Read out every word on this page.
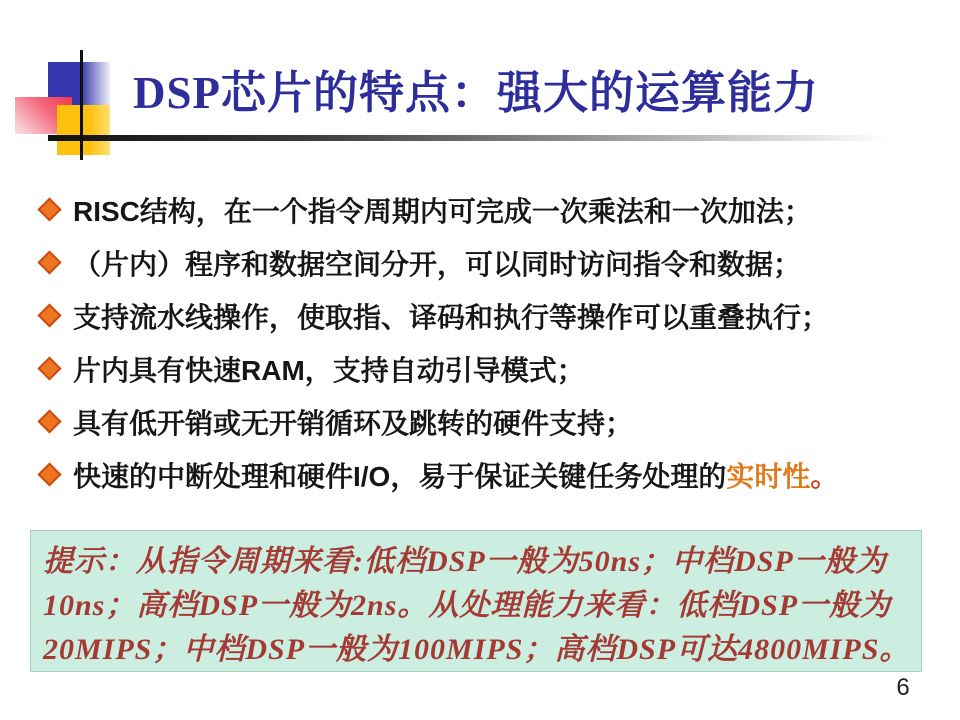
DSP芯片的特点：强大的运算能力
RISC结构，在一个指令周期内可完成一次乘法和一次加法；
（片内）程序和数据空间分开，可以同时访问指令和数据；
支持流水线操作，使取指、译码和执行等操作可以重叠执行；
片内具有快速RAM，支持自动引导模式；
具有低开销或无开销循环及跳转的硬件支持；
快速的中断处理和硬件I/O，易于保证关键任务处理的实时性。
提示：从指令周期来看:低档DSP一般为50ns；中档DSP一般为
10ns；高档DSP一般为2ns。从处理能力来看：低档DSP一般为
20MIPS；中档DSP一般为100MIPS；高档DSP可达4800MIPS。
6
